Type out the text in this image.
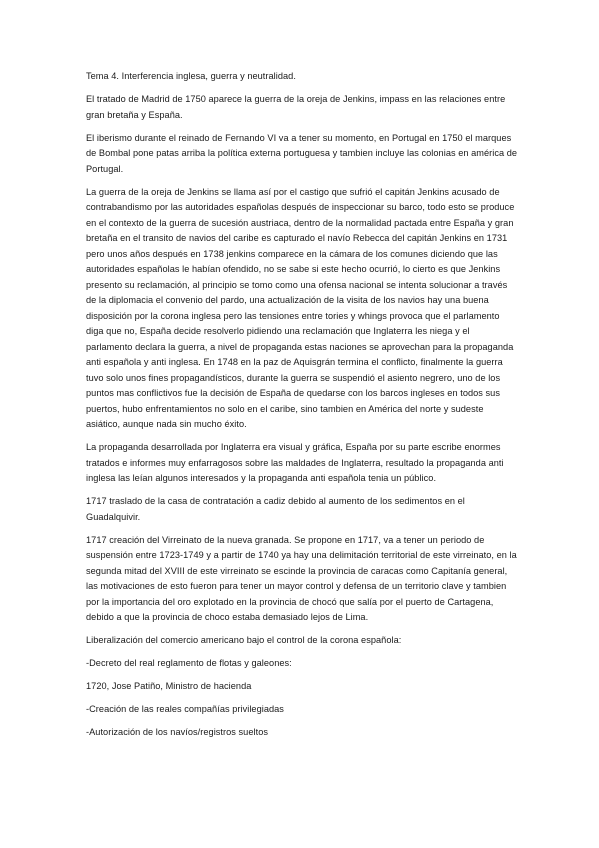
Tema 4. Interferencia inglesa, guerra y neutralidad.

El tratado de Madrid de 1750 aparece la guerra de la oreja de Jenkins, impass en las relaciones entre gran bretaña y España.

El iberismo durante el reinado de Fernando VI va a tener su momento, en Portugal en 1750 el marques de Bombal pone patas arriba la política externa portuguesa y tambien incluye las colonias en américa de Portugal.

La guerra de la oreja de Jenkins se llama así por el castigo que sufrió el capitán Jenkins acusado de contrabandismo por las autoridades españolas después de inspeccionar su barco, todo esto se produce en el contexto de la guerra de sucesión austriaca, dentro de la normalidad pactada entre España y gran bretaña en el transito de navios del caribe es capturado el navío Rebecca del capitán Jenkins en 1731 pero unos años después en 1738 jenkins comparece en la cámara de los comunes diciendo que las autoridades españolas le habían ofendido, no se sabe si este hecho ocurrió, lo cierto es que Jenkins presento su reclamación, al principio se tomo como una ofensa nacional se intenta solucionar a través de la diplomacia el convenio del pardo, una actualización de la visita de los navios hay una buena disposición por la corona inglesa pero las tensiones entre tories y whings provoca que el parlamento diga que no, España decide resolverlo pidiendo una reclamación que Inglaterra les niega y el parlamento declara la guerra, a nivel de propaganda estas naciones se aprovechan para la propaganda anti española y anti inglesa. En 1748 en la paz de Aquisgrán termina el conflicto, finalmente la guerra tuvo solo unos fines propagandísticos, durante la guerra se suspendió el asiento negrero, uno de los puntos mas conflictivos fue la decisión de España de quedarse con los barcos ingleses en todos sus puertos, hubo enfrentamientos no solo en el caribe, sino tambien en América del norte y sudeste asiático, aunque nada sin mucho éxito.

La propaganda desarrollada por Inglaterra era visual y gráfica, España por su parte escribe enormes tratados e informes muy enfarragosos sobre las maldades de Inglaterra, resultado la propaganda anti inglesa las leían algunos interesados y la propaganda anti española tenia un público.

1717 traslado de la casa de contratación a cadiz debido al aumento de los sedimentos en el Guadalquivir.

1717 creación del Virreinato de la nueva granada. Se propone en 1717, va a tener un periodo de suspensión entre 1723-1749 y a partir de 1740 ya hay una delimitación territorial de este virreinato, en la segunda mitad del XVIII de este virreinato se escinde la provincia de caracas como Capitanía general, las motivaciones de esto fueron para tener un mayor control y defensa de un territorio clave y tambien por la importancia del oro explotado en la provincia de chocó que salía por el puerto de Cartagena, debido a que la provincia de choco estaba demasiado lejos de Lima.

Liberalización del comercio americano bajo el control de la corona española:

-Decreto del real reglamento de flotas y galeones:

1720, Jose Patiño, Ministro de hacienda

-Creación de las reales compañías privilegiadas

-Autorización de los navíos/registros sueltos
